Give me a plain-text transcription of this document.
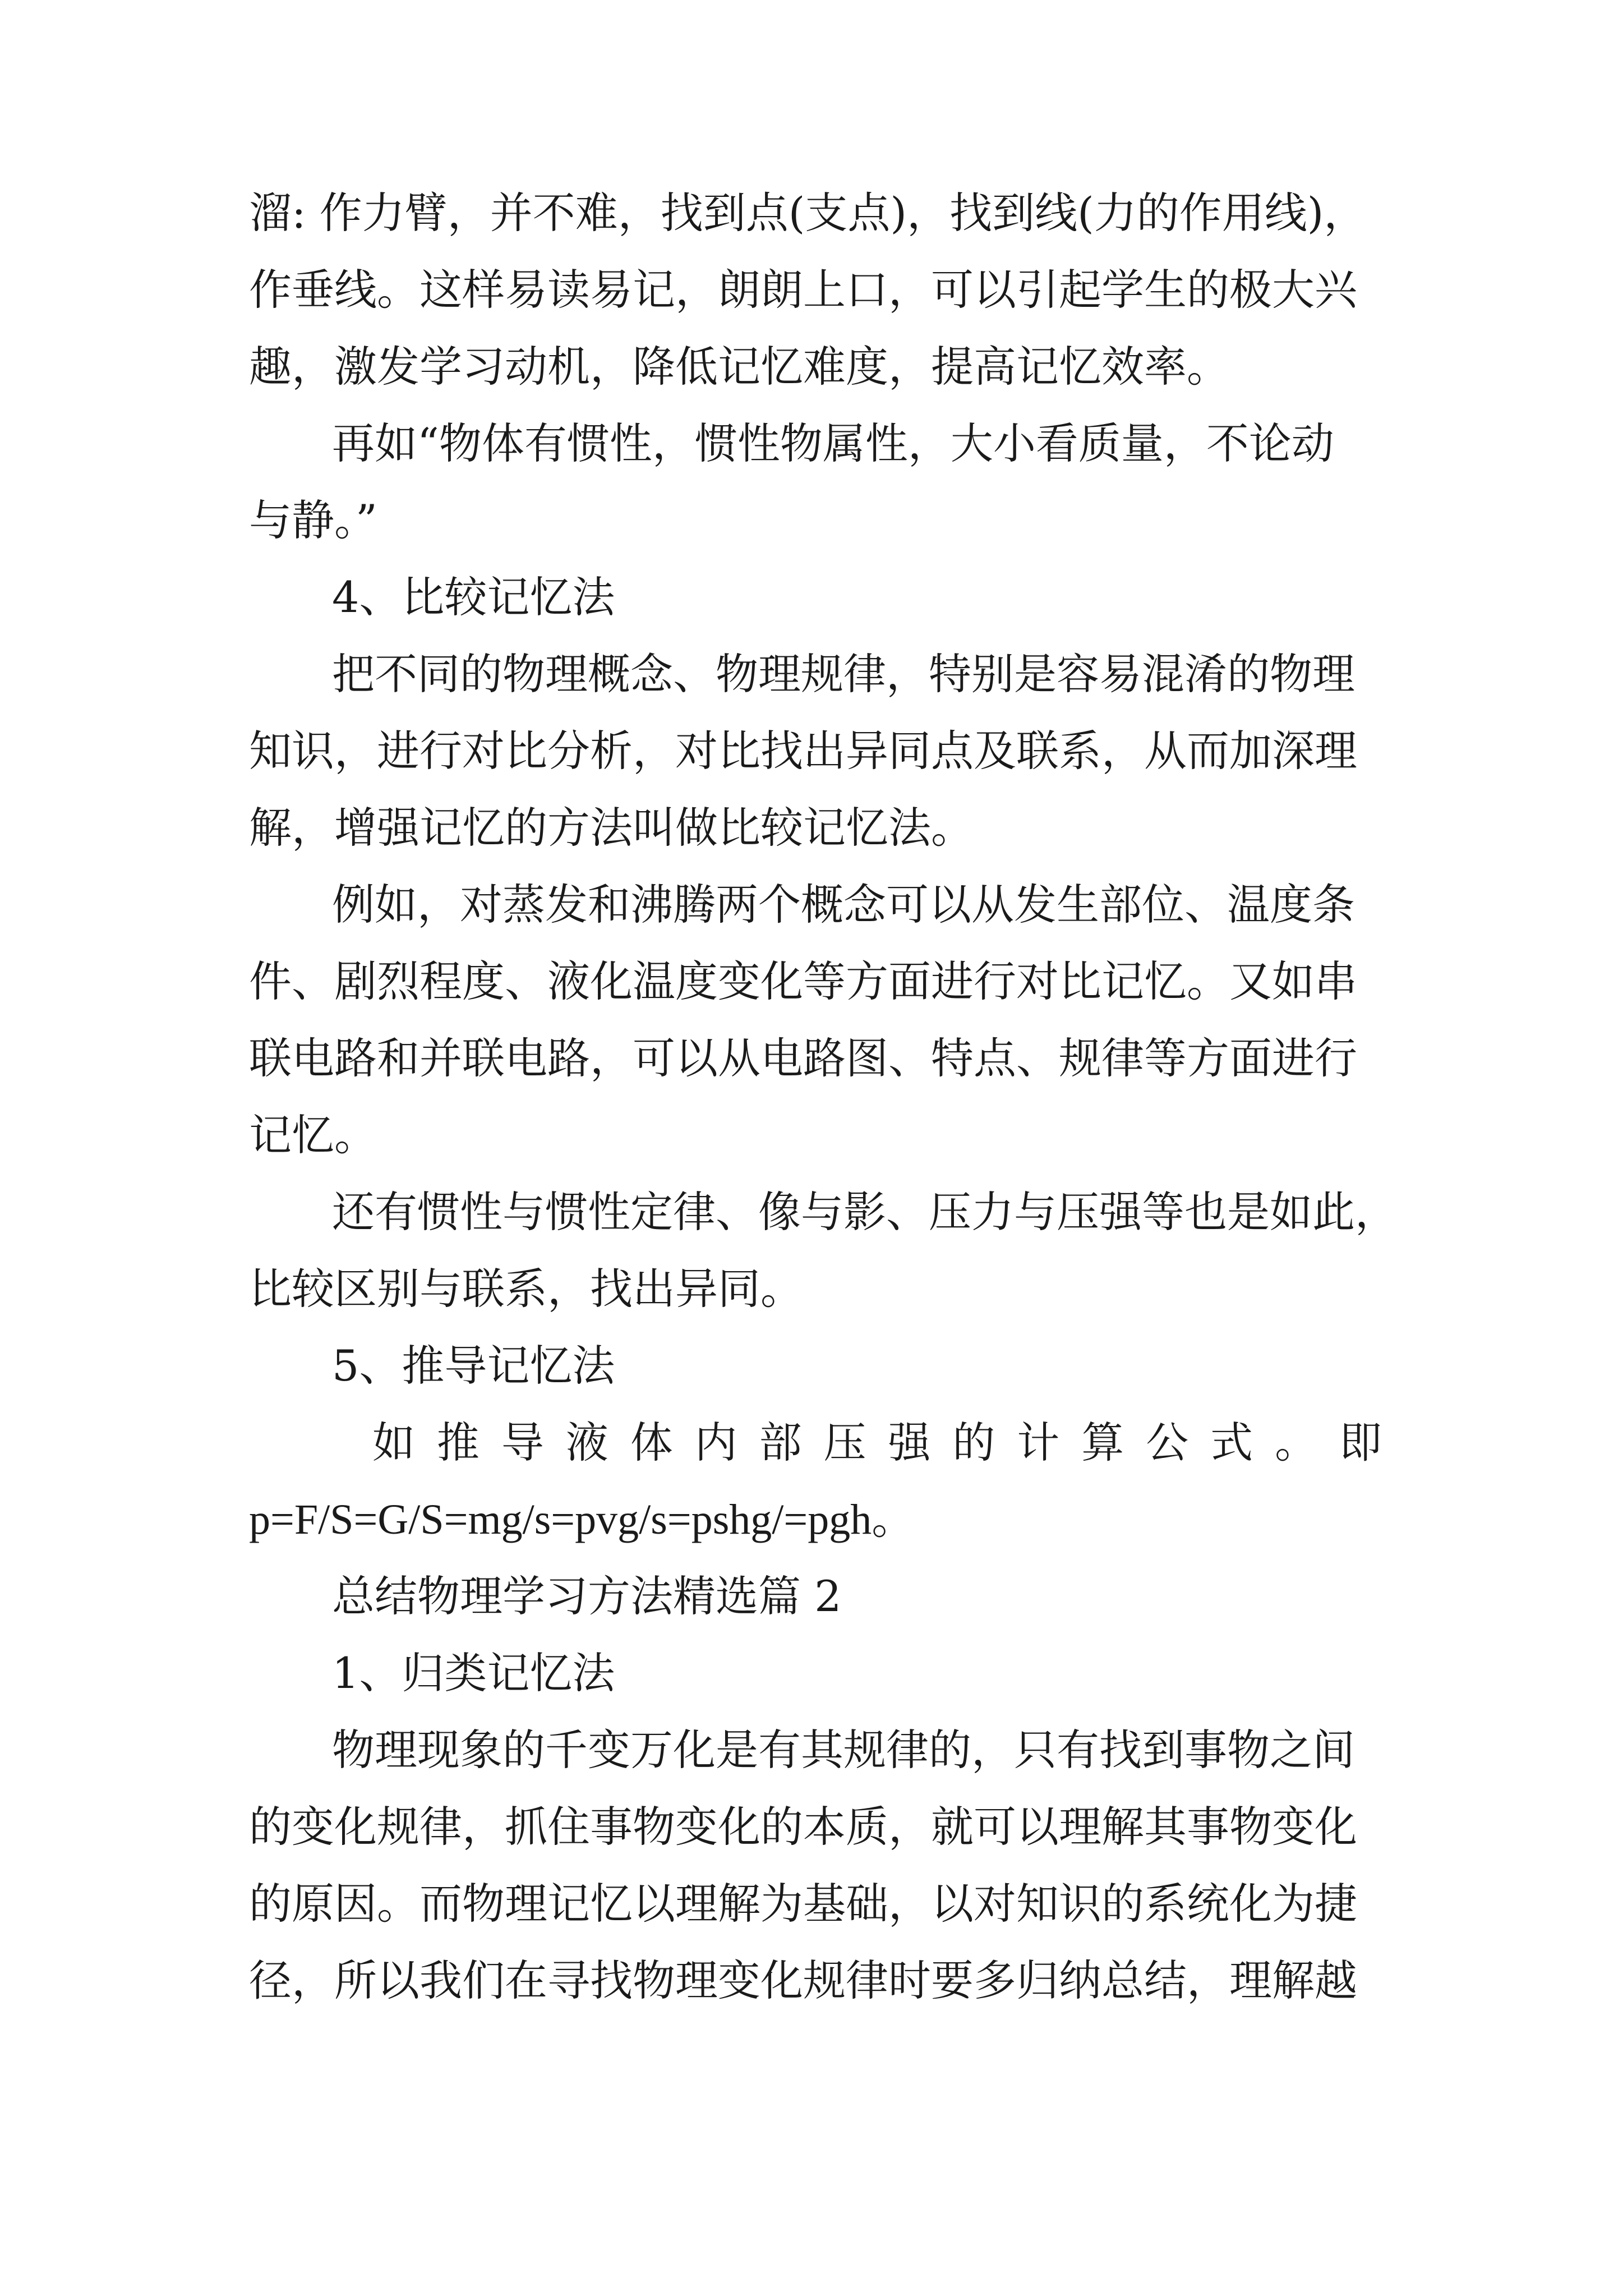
溜: 作力臂，并不难，找到点(支点)，找到线(力的作用线)，
作垂线。这样易读易记，朗朗上口，可以引起学生的极大兴
趣，激发学习动机，降低记忆难度，提高记忆效率。
再如“物体有惯性，惯性物属性，大小看质量，不论动
与静。”
4、比较记忆法
把不同的物理概念、物理规律，特别是容易混淆的物理
知识，进行对比分析，对比找出异同点及联系，从而加深理
解，增强记忆的方法叫做比较记忆法。
例如，对蒸发和沸腾两个概念可以从发生部位、温度条
件、剧烈程度、液化温度变化等方面进行对比记忆。又如串
联电路和并联电路，可以从电路图、特点、规律等方面进行
记忆。
还有惯性与惯性定律、像与影、压力与压强等也是如此，
比较区别与联系，找出异同。
5、推导记忆法
如 推 导 液 体 内 部 压 强 的 计 算 公 式 。 即
p=F/S=G/S=mg/s=pvg/s=pshg/=pgh。
总结物理学习方法精选篇 2
1、归类记忆法
物理现象的千变万化是有其规律的，只有找到事物之间
的变化规律，抓住事物变化的本质，就可以理解其事物变化
的原因。而物理记忆以理解为基础，以对知识的系统化为捷
径，所以我们在寻找物理变化规律时要多归纳总结，理解越
